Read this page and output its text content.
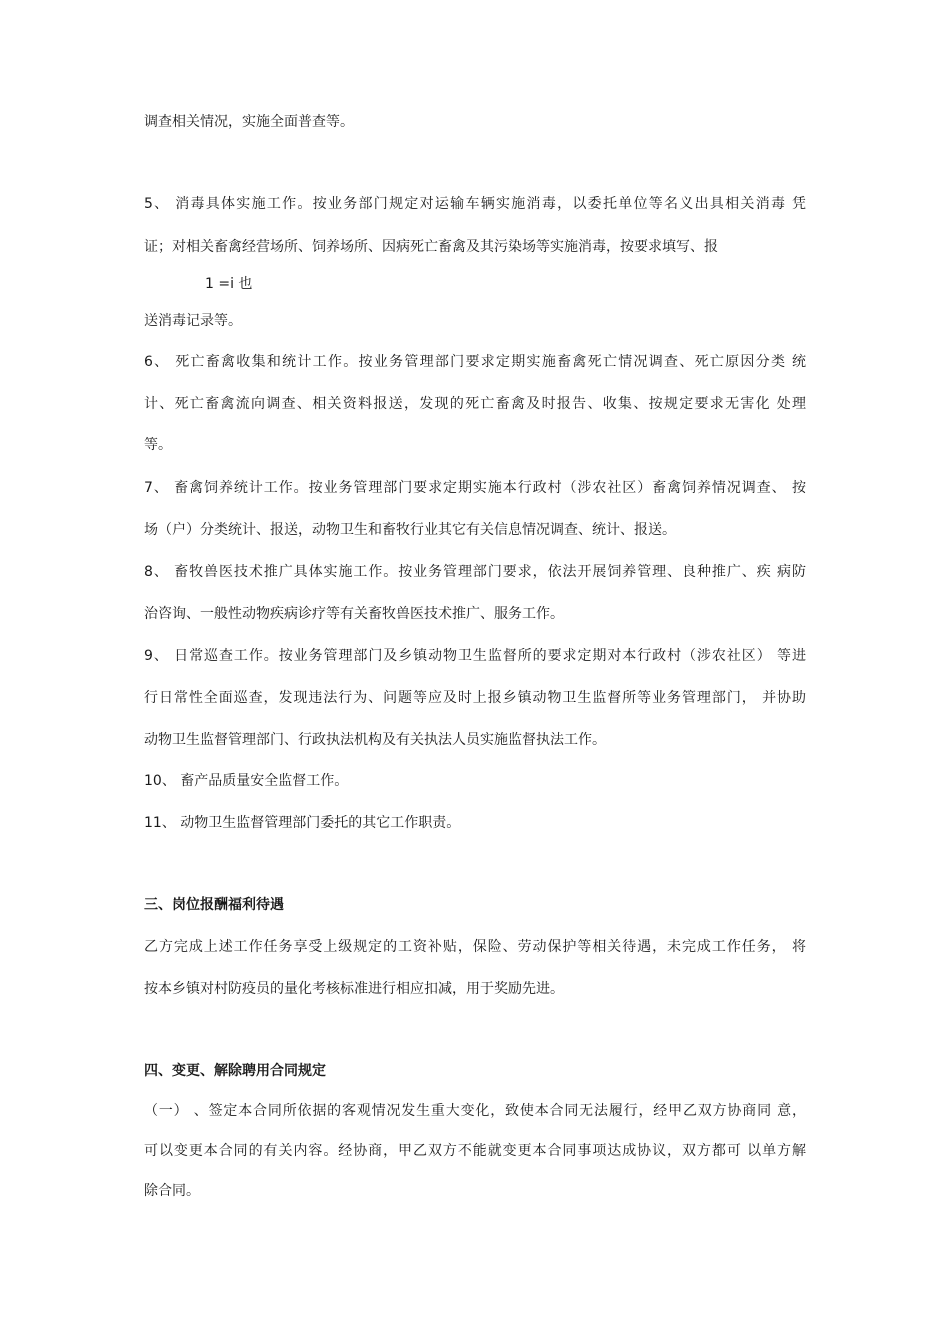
调查相关情况，实施全面普查等。
5、 消毒具体实施工作。按业务部门规定对运输车辆实施消毒，以委托单位等名义出具相关消毒 凭
证；对相关畜禽经营场所、饲养场所、因病死亡畜禽及其污染场等实施消毒，按要求填写、报
1 =i 也
送消毒记录等。
6、 死亡畜禽收集和统计工作。按业务管理部门要求定期实施畜禽死亡情况调查、死亡原因分类 统
计、死亡畜禽流向调查、相关资料报送，发现的死亡畜禽及时报告、收集、按规定要求无害化 处理
等。
7、 畜禽饲养统计工作。按业务管理部门要求定期实施本行政村（涉农社区）畜禽饲养情况调查、 按
场（户）分类统计、报送，动物卫生和畜牧行业其它有关信息情况调查、统计、报送。
8、 畜牧兽医技术推广具体实施工作。按业务管理部门要求，依法开展饲养管理、良种推广、疾 病防
治咨询、一般性动物疾病诊疗等有关畜牧兽医技术推广、服务工作。
9、 日常巡查工作。按业务管理部门及乡镇动物卫生监督所的要求定期对本行政村（涉农社区） 等进
行日常性全面巡查，发现违法行为、问题等应及时上报乡镇动物卫生监督所等业务管理部门， 并协助
动物卫生监督管理部门、行政执法机构及有关执法人员实施监督执法工作。
10、 畜产品质量安全监督工作。
11、 动物卫生监督管理部门委托的其它工作职责。
三、岗位报酬福利待遇
乙方完成上述工作任务享受上级规定的工资补贴，保险、劳动保护等相关待遇，未完成工作任务， 将
按本乡镇对村防疫员的量化考核标准进行相应扣减，用于奖励先进。
四、变更、解除聘用合同规定
（一） 、签定本合同所依据的客观情况发生重大变化，致使本合同无法履行，经甲乙双方协商同 意，
可以变更本合同的有关内容。经协商，甲乙双方不能就变更本合同事项达成协议，双方都可 以单方解
除合同。
